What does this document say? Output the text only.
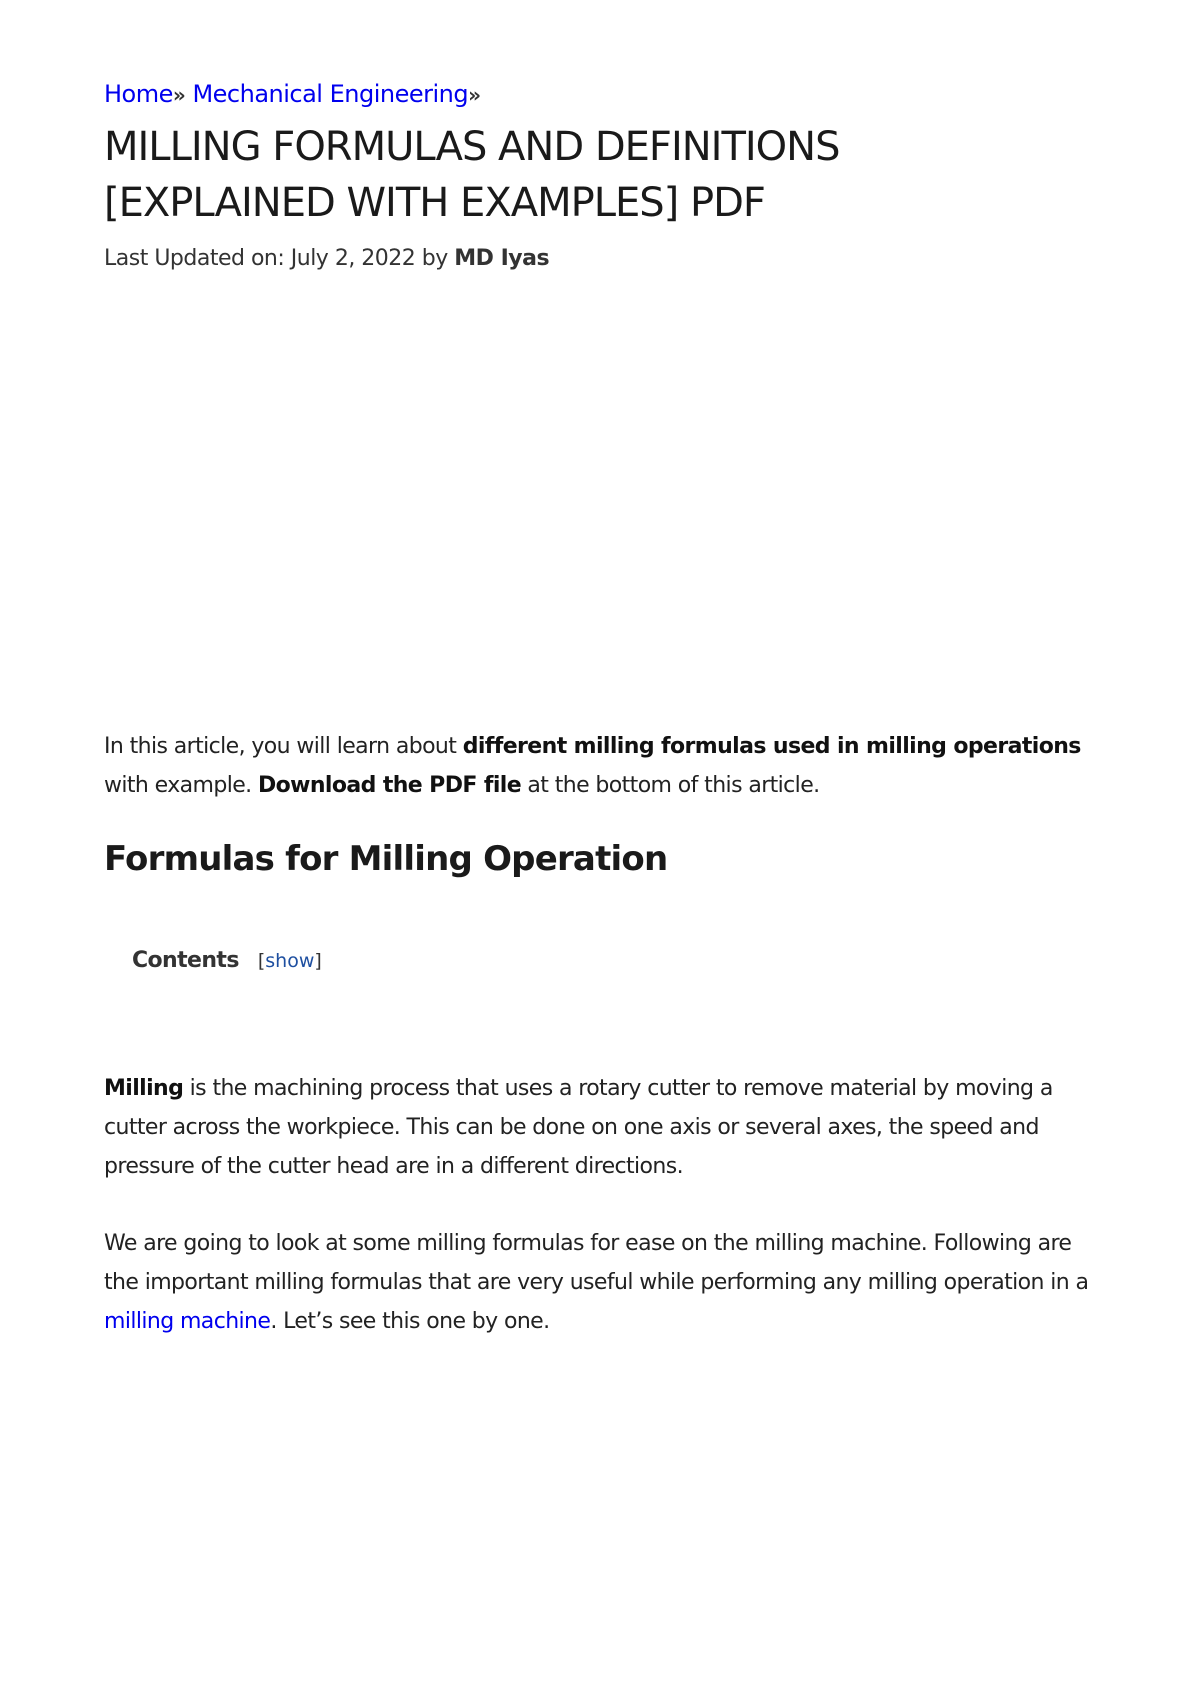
Home» Mechanical Engineering»
MILLING FORMULAS AND DEFINITIONS [EXPLAINED WITH EXAMPLES] PDF
Last Updated on: July 2, 2022 by MD Iyas

In this article, you will learn about different milling formulas used in milling operations with example. Download the PDF file at the bottom of this article.

Formulas for Milling Operation
Contents [show]

Milling is the machining process that uses a rotary cutter to remove material by moving a cutter across the workpiece. This can be done on one axis or several axes, the speed and pressure of the cutter head are in a different directions.

We are going to look at some milling formulas for ease on the milling machine. Following are the important milling formulas that are very useful while performing any milling operation in a milling machine. Let’s see this one by one.
